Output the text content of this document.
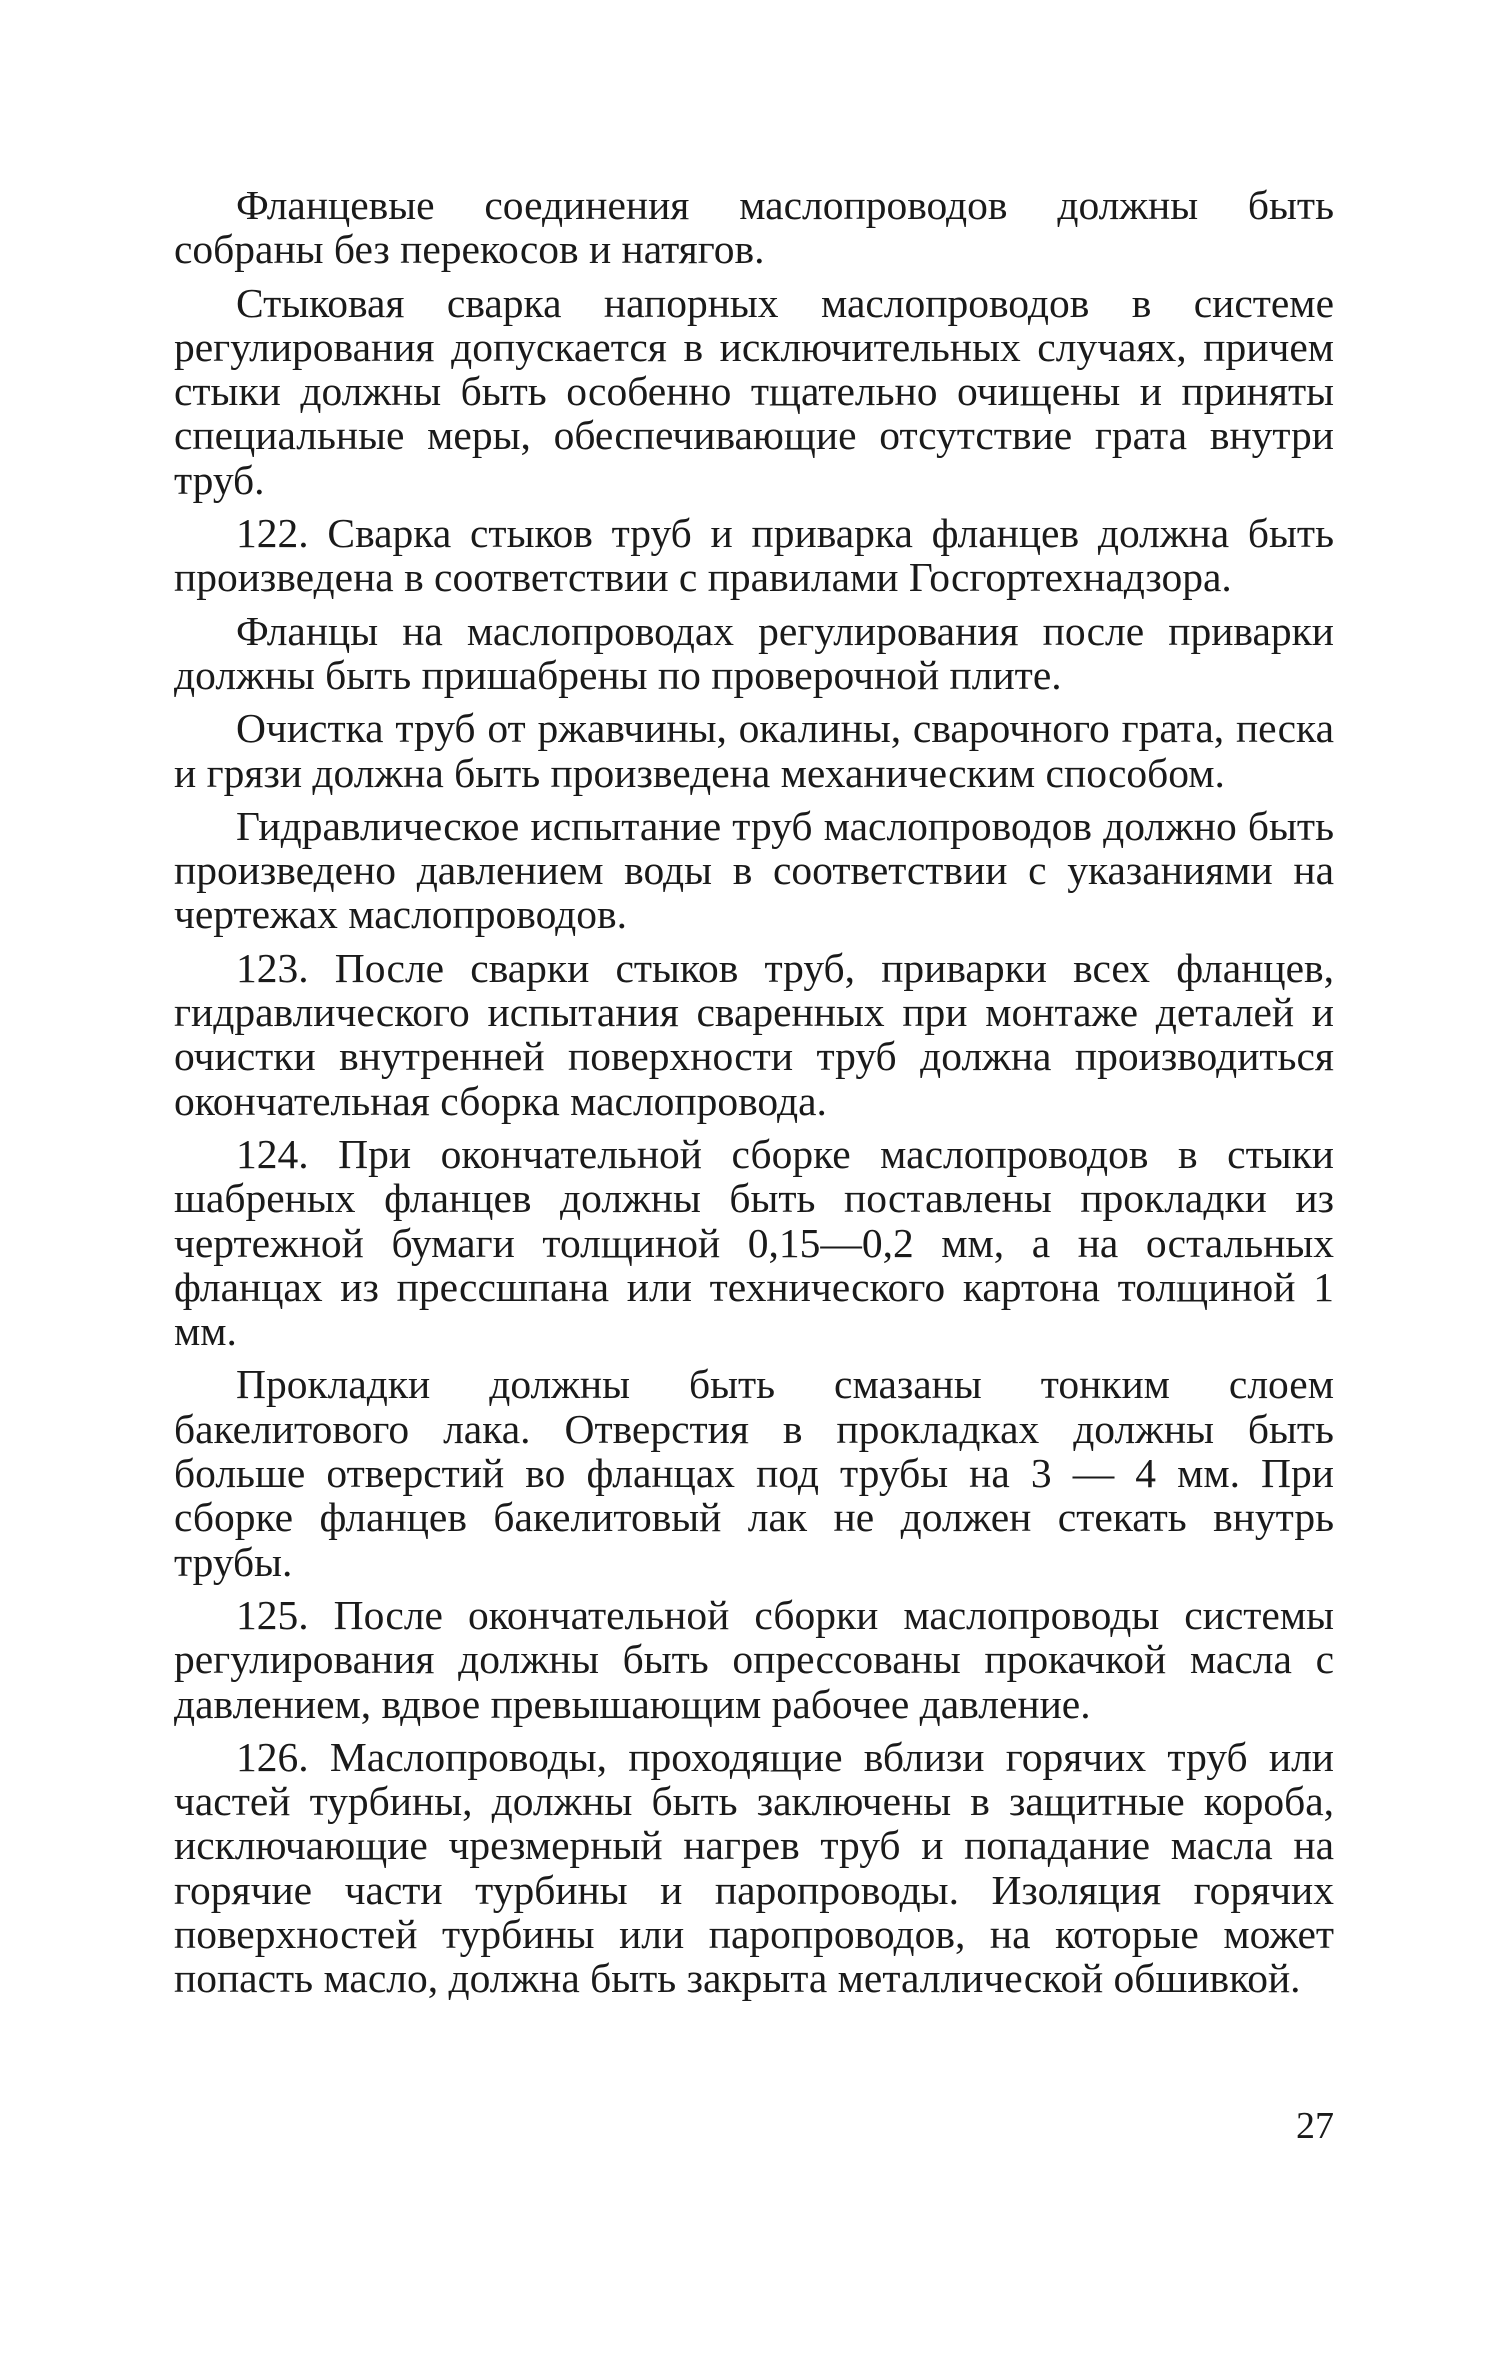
Фланцевые соединения маслопроводов должны быть собраны без перекосов и натягов.

Стыковая сварка напорных маслопроводов в системе регулирования допускается в исключительных случаях, причем стыки должны быть особенно тщательно очищены и приняты специальные меры, обеспечивающие отсутствие грата внутри труб.

122. Сварка стыков труб и приварка фланцев должна быть произведена в соответствии с правилами Госгортехнадзора.

Фланцы на маслопроводах регулирования после приварки должны быть пришабрены по проверочной плите.

Очистка труб от ржавчины, окалины, сварочного грата, песка и грязи должна быть произведена механическим способом.

Гидравлическое испытание труб маслопроводов должно быть произведено давлением воды в соответствии с указаниями на чертежах маслопроводов.

123. После сварки стыков труб, приварки всех фланцев, гидравлического испытания сваренных при монтаже деталей и очистки внутренней поверхности труб должна производиться окончательная сборка маслопровода.

124. При окончательной сборке маслопроводов в стыки шабреных фланцев должны быть поставлены прокладки из чертежной бумаги толщиной 0,15—0,2 мм, а на остальных фланцах из прессшпана или технического картона толщиной 1 мм.

Прокладки должны быть смазаны тонким слоем бакелитового лака. Отверстия в прокладках должны быть больше отверстий во фланцах под трубы на 3 — 4 мм. При сборке фланцев бакелитовый лак не должен стекать внутрь трубы.

125. После окончательной сборки маслопроводы системы регулирования должны быть опрессованы прокачкой масла с давлением, вдвое превышающим рабочее давление.

126. Маслопроводы, проходящие вблизи горячих труб или частей турбины, должны быть заключены в защитные короба, исключающие чрезмерный нагрев труб и попадание масла на горячие части турбины и паропроводы. Изоляция горячих поверхностей турбины или паропроводов, на которые может попасть масло, должна быть закрыта металлической обшивкой.

27
